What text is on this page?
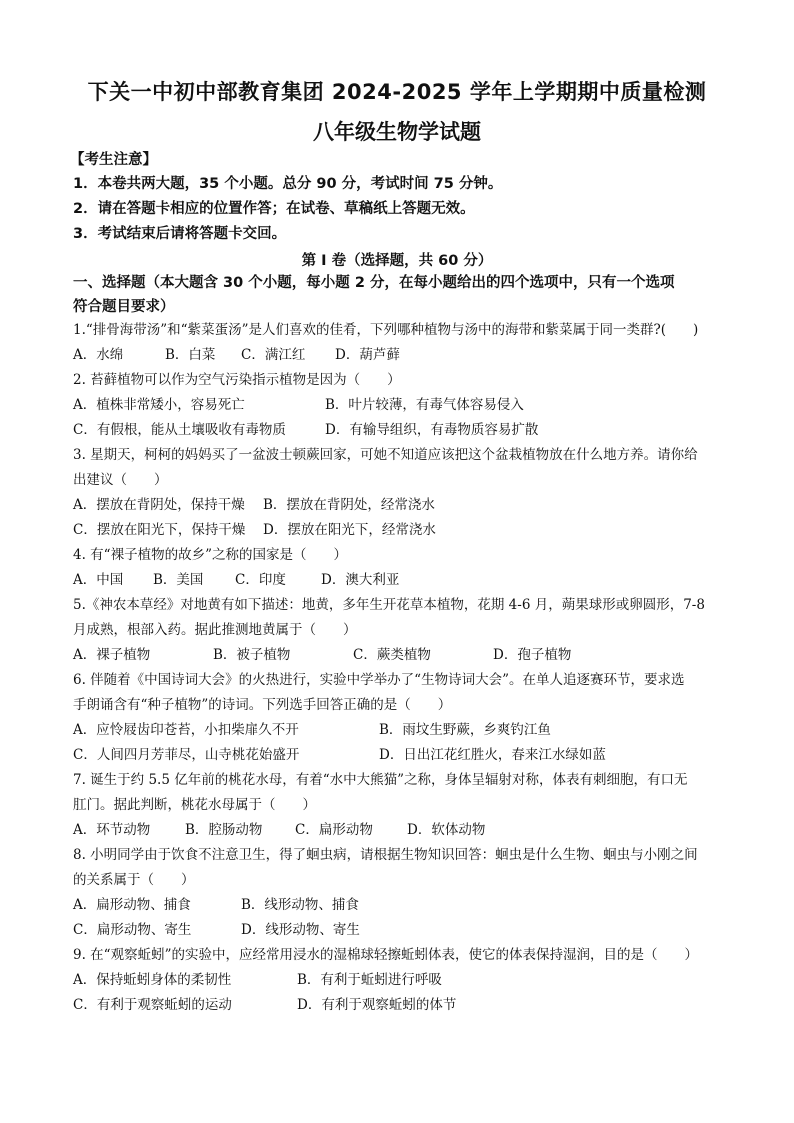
下关一中初中部教育集团 2024-2025 学年上学期期中质量检测
八年级生物学试题
【考生注意】
1．本卷共两大题，35 个小题。总分 90 分，考试时间 75 分钟。
2．请在答题卡相应的位置作答；在试卷、草稿纸上答题无效。
3．考试结束后请将答题卡交回。
第 I 卷（选择题，共 60 分）
一、选择题（本大题含 30 个小题，每小题 2 分，在每小题给出的四个选项中，只有一个选项
符合题目要求）
1.“排骨海带汤”和“紫菜蛋汤”是人们喜欢的佳肴，下列哪种植物与汤中的海带和紫菜属于同一类群?(　　)
A．水绵	B．白菜 C．满江红 D．葫芦藓
2. 苔藓植物可以作为空气污染指示植物是因为（　　）
A．植株非常矮小，容易死亡	B．叶片较薄，有毒气体容易侵入
C．有假根，能从土壤吸收有毒物质	D．有输导组织，有毒物质容易扩散
3. 星期天，柯柯的妈妈买了一盆波士顿蕨回家，可她不知道应该把这个盆栽植物放在什么地方养。请你给
出建议（　　）
A．摆放在背阴处，保持干燥 B．摆放在背阴处，经常浇水
C．摆放在阳光下，保持干燥 D．摆放在阳光下，经常浇水
4. 有“裸子植物的故乡”之称的国家是（　　）
A．中国 B．美国 C．印度	D．澳大利亚
5.《神农本草经》对地黄有如下描述：地黄，多年生开花草本植物，花期 4-6 月，蒴果球形或卵圆形，7-8
月成熟，根部入药。据此推测地黄属于（　　）
A．裸子植物	B．被子植物	C．蕨类植物	D．孢子植物
6. 伴随着《中国诗词大会》的火热进行，实验中学举办了“生物诗词大会”。在单人追逐赛环节，要求选
手朗诵含有“种子植物”的诗词。下列选手回答正确的是（　　）
A．应怜屐齿印苍苔，小扣柴扉久不开	B．雨坟生野蕨，乡爽钓江鱼
C．人间四月芳菲尽，山寺桃花始盛开	D．日出江花红胜火，春来江水绿如蓝
7. 诞生于约 5.5 亿年前的桃花水母，有着“水中大熊猫”之称，身体呈辐射对称，体表有刺细胞，有口无
肛门。据此判断，桃花水母属于（　　）
A．环节动物	B．腔肠动物 C．扁形动物	D．软体动物
8. 小明同学由于饮食不注意卫生，得了蛔虫病，请根据生物知识回答：蛔虫是什么生物、蛔虫与小刚之间
的关系属于（　　）
A．扁形动物、捕食	B．线形动物、捕食
C．扁形动物、寄生	D．线形动物、寄生
9. 在“观察蚯蚓”的实验中，应经常用浸水的湿棉球轻擦蚯蚓体表，使它的体表保持湿润，目的是（　　）
A．保持蚯蚓身体的柔韧性	B．有利于蚯蚓进行呼吸
C．有利于观察蚯蚓的运动	D．有利于观察蚯蚓的体节
